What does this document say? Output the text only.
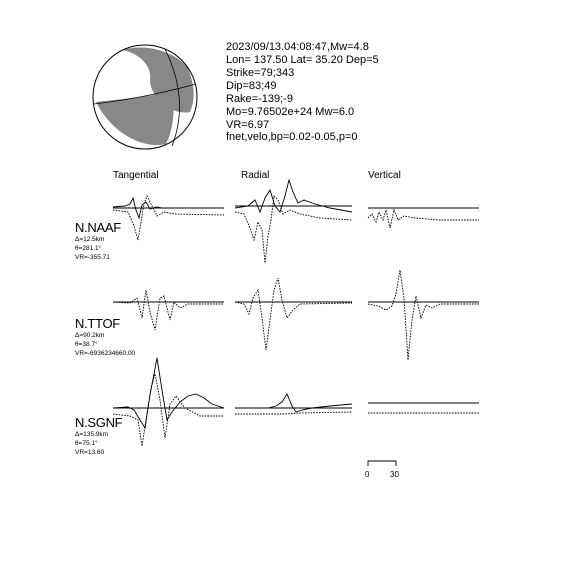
2023/09/13.04:08:47,Mw=4.8
Lon= 137.50 Lat= 35.20 Dep=5
Strike=79;343
Dip=83;49
Rake=-139;-9
Mo=9.76502e+24 Mw=6.0
VR=6.97
fnet,velo,bp=0.02-0.05,p=0
Tangential	Radial	Vertical
N.NAAF
Δ=12.5km
θ=281.1°
VR=-355.71
N.TTOF
Δ=90.2km
θ=38.7°
VR=-6936234660.00
N.SGNF
Δ=135.9km
θ=75.1°
VR=13.60
0	30
